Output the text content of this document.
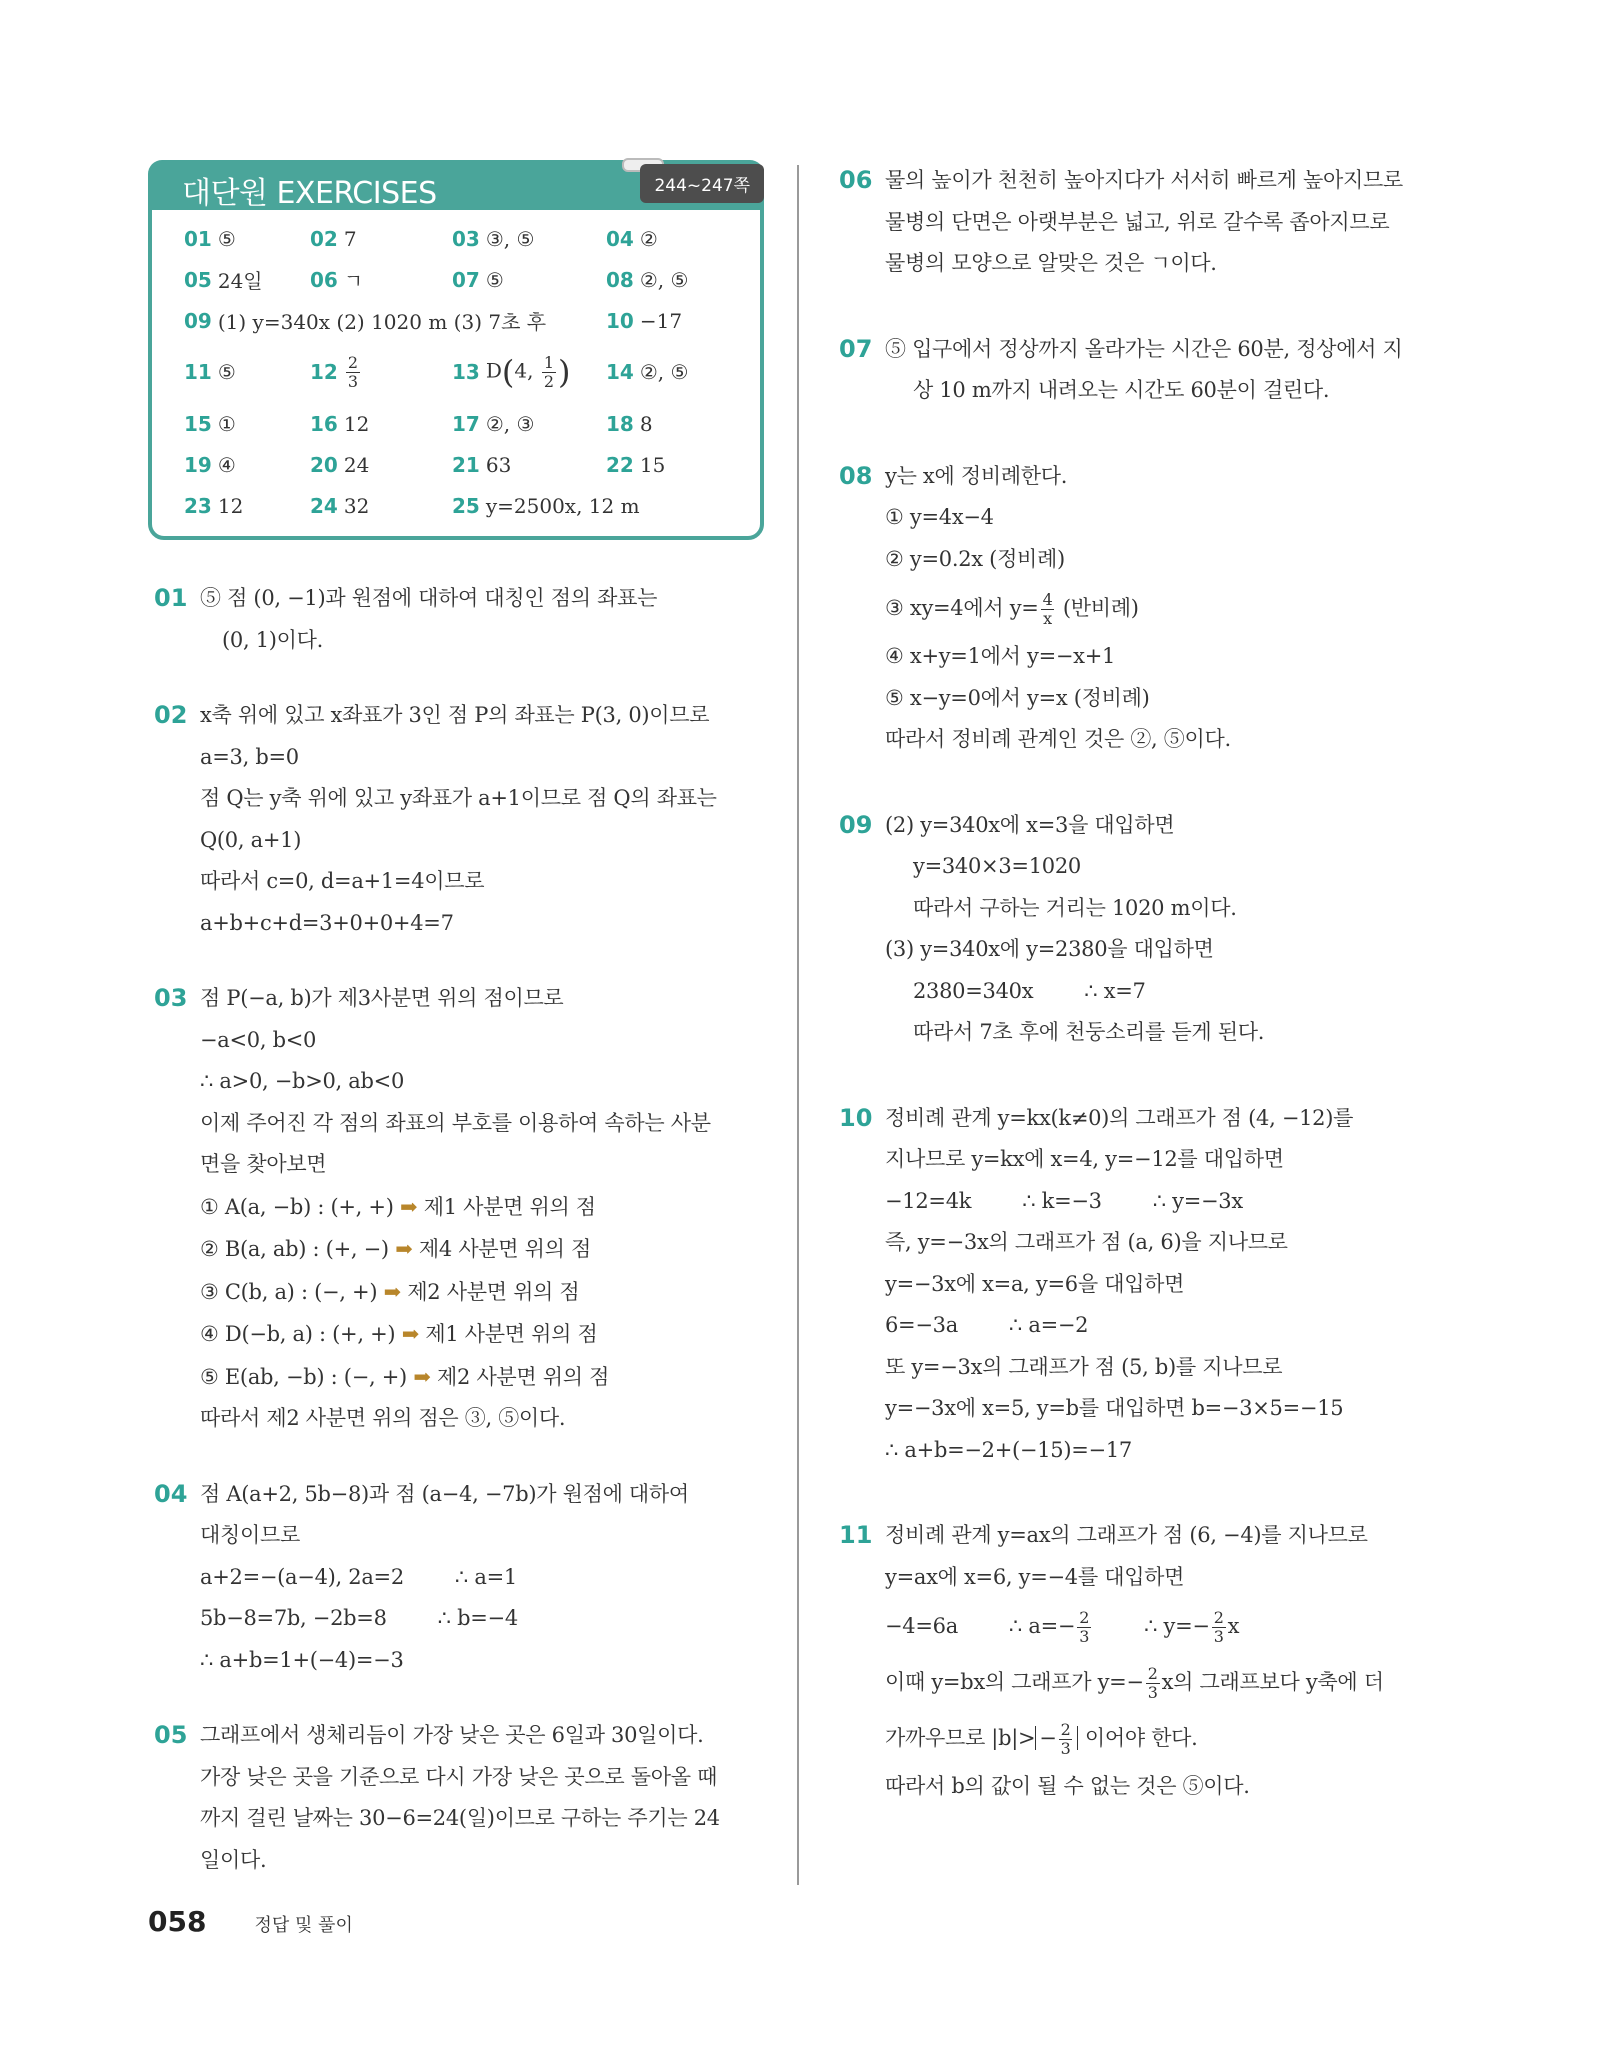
대단원 EXERCISES	244~247쪽
01 ⑤	02 7	03 ③, ⑤	04 ②
05 24일 06 ㄱ	07 ⑤	08 ②, ⑤
09 (1) y=340x (2) 1020 m (3) 7초 후	10 −17
11 ⑤	$12 \frac{2}{3}$	13 D(4, $\frac{1}{2}$ ) 14 ②, ⑤
15 ①	16 12	17 ②, ③	18 8
19 ④	20 24	21 63	22 15
23 12	24 32	25 y=2500x, 12 m
01 ⑤ 점 (0, −1)과 원점에 대하여 대칭인 점의 좌표는
(0, 1)이다.
02 x축 위에 있고 x좌표가 3인 점 P의 좌표는 P(3, 0)이므로
a=3, b=0
점 Q는 y축 위에 있고 y좌표가 a+1이므로 점 Q의 좌표는
Q(0, a+1)
따라서 c=0, d=a+1=4이므로
a+b+c+d=3+0+0+4=7
03 점 P(−a, b)가 제3사분면 위의 점이므로
−a<0, b<0
∴ a>0, −b>0, ab<0
이제 주어진 각 점의 좌표의 부호를 이용하여 속하는 사분
면을 찾아보면
① A(a, −b) : (+, +) ➡ 제1 사분면 위의 점
② B(a, ab) : (+, −) ➡ 제4 사분면 위의 점
③ C(b, a) : (−, +) ➡ 제2 사분면 위의 점
④ D(−b, a) : (+, +) ➡ 제1 사분면 위의 점
⑤ E(ab, −b) : (−, +) ➡ 제2 사분면 위의 점
따라서 제2 사분면 위의 점은 ③, ⑤이다.
04 점 A(a+2, 5b−8)과 점 (a−4, −7b)가 원점에 대하여
대칭이므로
a+2=−(a−4), 2a=2        ∴ a=1
5b−8=7b, −2b=8        ∴ b=−4
∴ a+b=1+(−4)=−3
05 그래프에서 생체리듬이 가장 낮은 곳은 6일과 30일이다.
가장 낮은 곳을 기준으로 다시 가장 낮은 곳으로 돌아올 때
까지 걸린 날짜는 30−6=24(일)이므로 구하는 주기는 24
일이다.
06 물의 높이가 천천히 높아지다가 서서히 빠르게 높아지므로
물병의 단면은 아랫부분은 넓고, 위로 갈수록 좁아지므로
물병의 모양으로 알맞은 것은 ㄱ이다.
07 ⑤ 입구에서 정상까지 올라가는 시간은 60분, 정상에서 지
상 10 m까지 내려오는 시간도 60분이 걸린다.
08 y는 x에 정비례한다.
① y=4x−4
② y=0.2x (정비례)
③ xy=4에서 $y= \frac{4}{x}$ (반비례)
④ x+y=1에서 y=−x+1
⑤ x−y=0에서 y=x (정비례)
따라서 정비례 관계인 것은 ②, ⑤이다.
09 (2) y=340x에 x=3을 대입하면
y=340×3=1020
따라서 구하는 거리는 1020 m이다.
(3) y=340x에 y=2380을 대입하면
2380=340x        ∴ x=7
따라서 7초 후에 천둥소리를 듣게 된다.
10 정비례 관계 y=kx(k≠0)의 그래프가 점 (4, −12)를
지나므로 y=kx에 x=4, y=−12를 대입하면
−12=4k        ∴ k=−3        ∴ y=−3x
즉, y=−3x의 그래프가 점 (a, 6)을 지나므로
y=−3x에 x=a, y=6을 대입하면
6=−3a        ∴ a=−2
또 y=−3x의 그래프가 점 (5, b)를 지나므로
y=−3x에 x=5, y=b를 대입하면 b=−3×5=−15
∴ a+b=−2+(−15)=−17
11 정비례 관계 y=ax의 그래프가 점 (6, −4)를 지나므로
y=ax에 x=6, y=−4를 대입하면
−4=6a        ∴ $a=- \frac{2}{3}$ ∴ $y=- \frac{2}{3}$ x
이때 y=bx의 그래프가 $y=- \frac{2}{3}$ x의 그래프보다 y축에 더
가까우므로 $|b|> - \frac{2}{3}$ 이어야 한다.
따라서 b의 값이 될 수 없는 것은 ⑤이다.
058	정답 및 풀이
